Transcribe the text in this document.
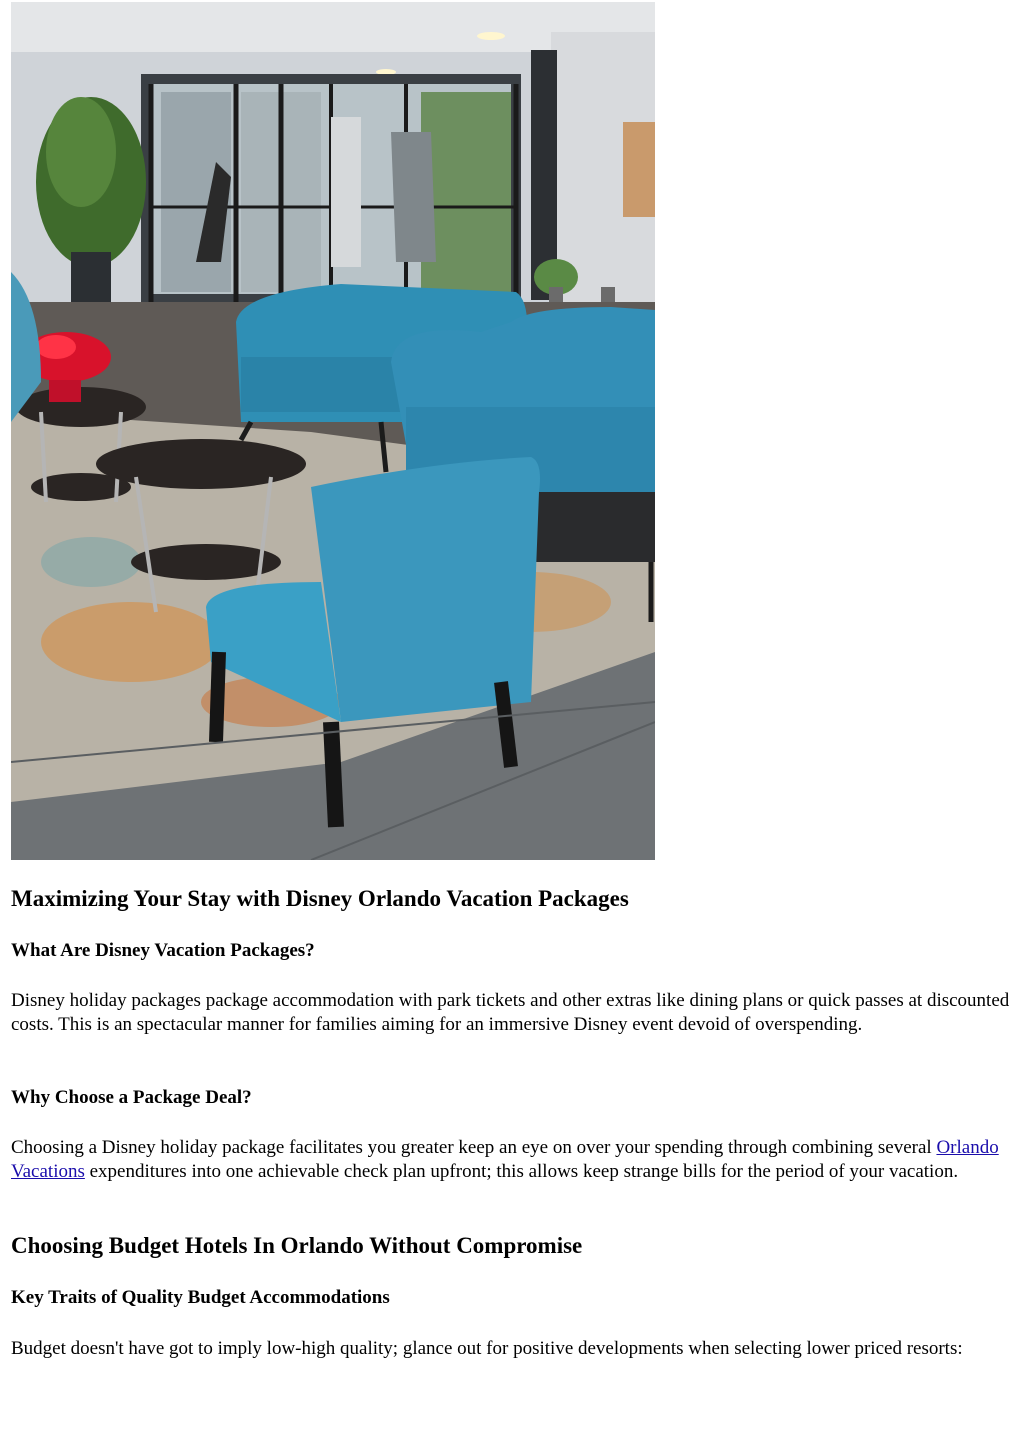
Maximizing Your Stay with Disney Orlando Vacation Packages
What Are Disney Vacation Packages?

Disney holiday packages package accommodation with park tickets and other extras like dining plans or quick passes at discounted costs. This is an spectacular manner for families aiming for an immersive Disney event devoid of overspending.

Why Choose a Package Deal?

Choosing a Disney holiday package facilitates you greater keep an eye on over your spending through combining several Orlando Vacations expenditures into one achievable check plan upfront; this allows keep strange bills for the period of your vacation.

Choosing Budget Hotels In Orlando Without Compromise
Key Traits of Quality Budget Accommodations

Budget doesn't have got to imply low-high quality; glance out for positive developments when selecting lower priced resorts:
